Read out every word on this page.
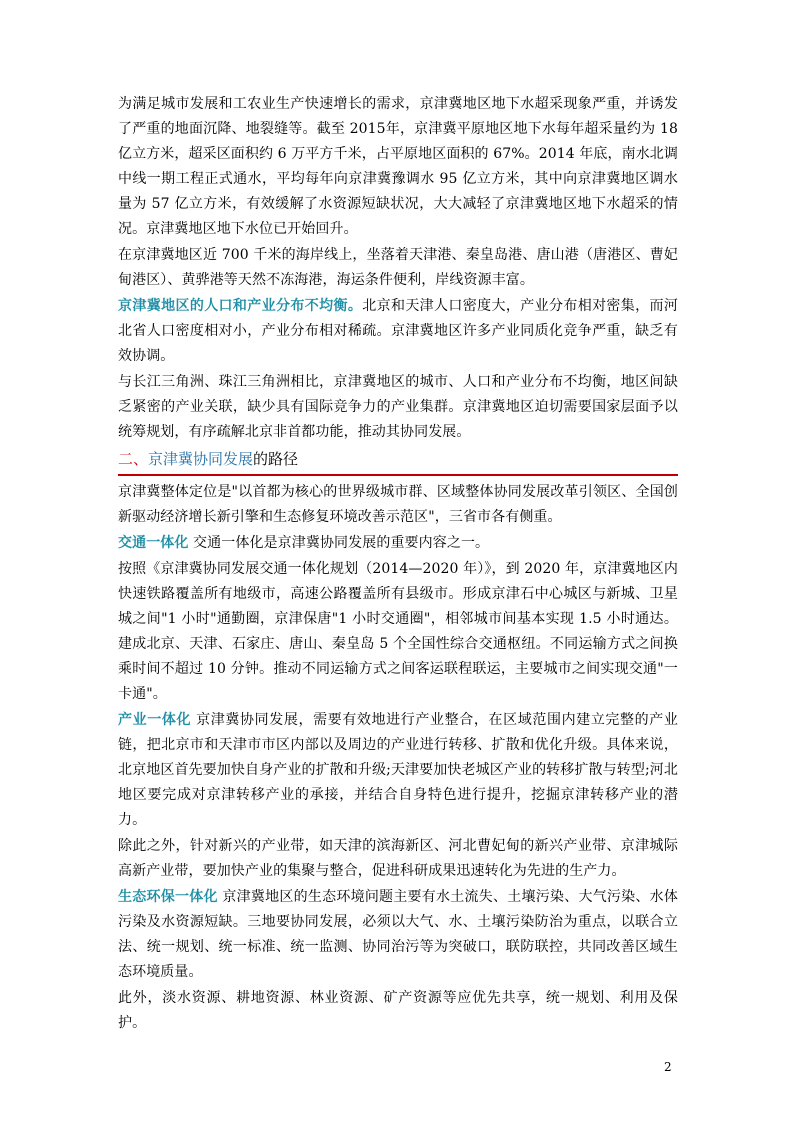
为满足城市发展和工农业生产快速增长的需求，京津冀地区地下水超采现象严重，并诱发了严重的地面沉降、地裂缝等。截至 2015年，京津冀平原地区地下水每年超采量约为 18 亿立方米，超采区面积约 6 万平方千米，占平原地区面积的 67%。2014 年底，南水北调中线一期工程正式通水，平均每年向京津冀豫调水 95 亿立方米，其中向京津冀地区调水量为 57 亿立方米，有效缓解了水资源短缺状况，大大减轻了京津冀地区地下水超采的情况。京津冀地区地下水位已开始回升。

在京津冀地区近 700 千米的海岸线上，坐落着天津港、秦皇岛港、唐山港（唐港区、曹妃甸港区）、黄骅港等天然不冻海港，海运条件便利，岸线资源丰富。

京津冀地区的人口和产业分布不均衡。北京和天津人口密度大，产业分布相对密集，而河北省人口密度相对小，产业分布相对稀疏。京津冀地区许多产业同质化竞争严重，缺乏有效协调。

与长江三角洲、珠江三角洲相比，京津冀地区的城市、人口和产业分布不均衡，地区间缺乏紧密的产业关联，缺少具有国际竞争力的产业集群。京津冀地区迫切需要国家层面予以统筹规划，有序疏解北京非首都功能，推动其协同发展。

二、京津冀协同发展的路径

京津冀整体定位是"以首都为核心的世界级城市群、区域整体协同发展改革引领区、全国创新驱动经济增长新引擎和生态修复环境改善示范区"，三省市各有侧重。

交通一体化 交通一体化是京津冀协同发展的重要内容之一。

按照《京津冀协同发展交通一体化规划（2014—2020 年）》，到 2020 年，京津冀地区内快速铁路覆盖所有地级市，高速公路覆盖所有县级市。形成京津石中心城区与新城、卫星城之间"1 小时"通勤圈，京津保唐"1 小时交通圈"，相邻城市间基本实现 1.5 小时通达。建成北京、天津、石家庄、唐山、秦皇岛 5 个全国性综合交通枢纽。不同运输方式之间换乘时间不超过 10 分钟。推动不同运输方式之间客运联程联运，主要城市之间实现交通"一卡通"。

产业一体化 京津冀协同发展，需要有效地进行产业整合，在区域范围内建立完整的产业链，把北京市和天津市市区内部以及周边的产业进行转移、扩散和优化升级。具体来说，北京地区首先要加快自身产业的扩散和升级;天津要加快老城区产业的转移扩散与转型;河北地区要完成对京津转移产业的承接，并结合自身特色进行提升，挖掘京津转移产业的潜力。

除此之外，针对新兴的产业带，如天津的滨海新区、河北曹妃甸的新兴产业带、京津城际高新产业带，要加快产业的集聚与整合，促进科研成果迅速转化为先进的生产力。

生态环保一体化 京津冀地区的生态环境问题主要有水土流失、土壤污染、大气污染、水体污染及水资源短缺。三地要协同发展，必须以大气、水、土壤污染防治为重点，以联合立法、统一规划、统一标准、统一监测、协同治污等为突破口，联防联控，共同改善区域生态环境质量。

此外，淡水资源、耕地资源、林业资源、矿产资源等应优先共享，统一规划、利用及保护。

2
